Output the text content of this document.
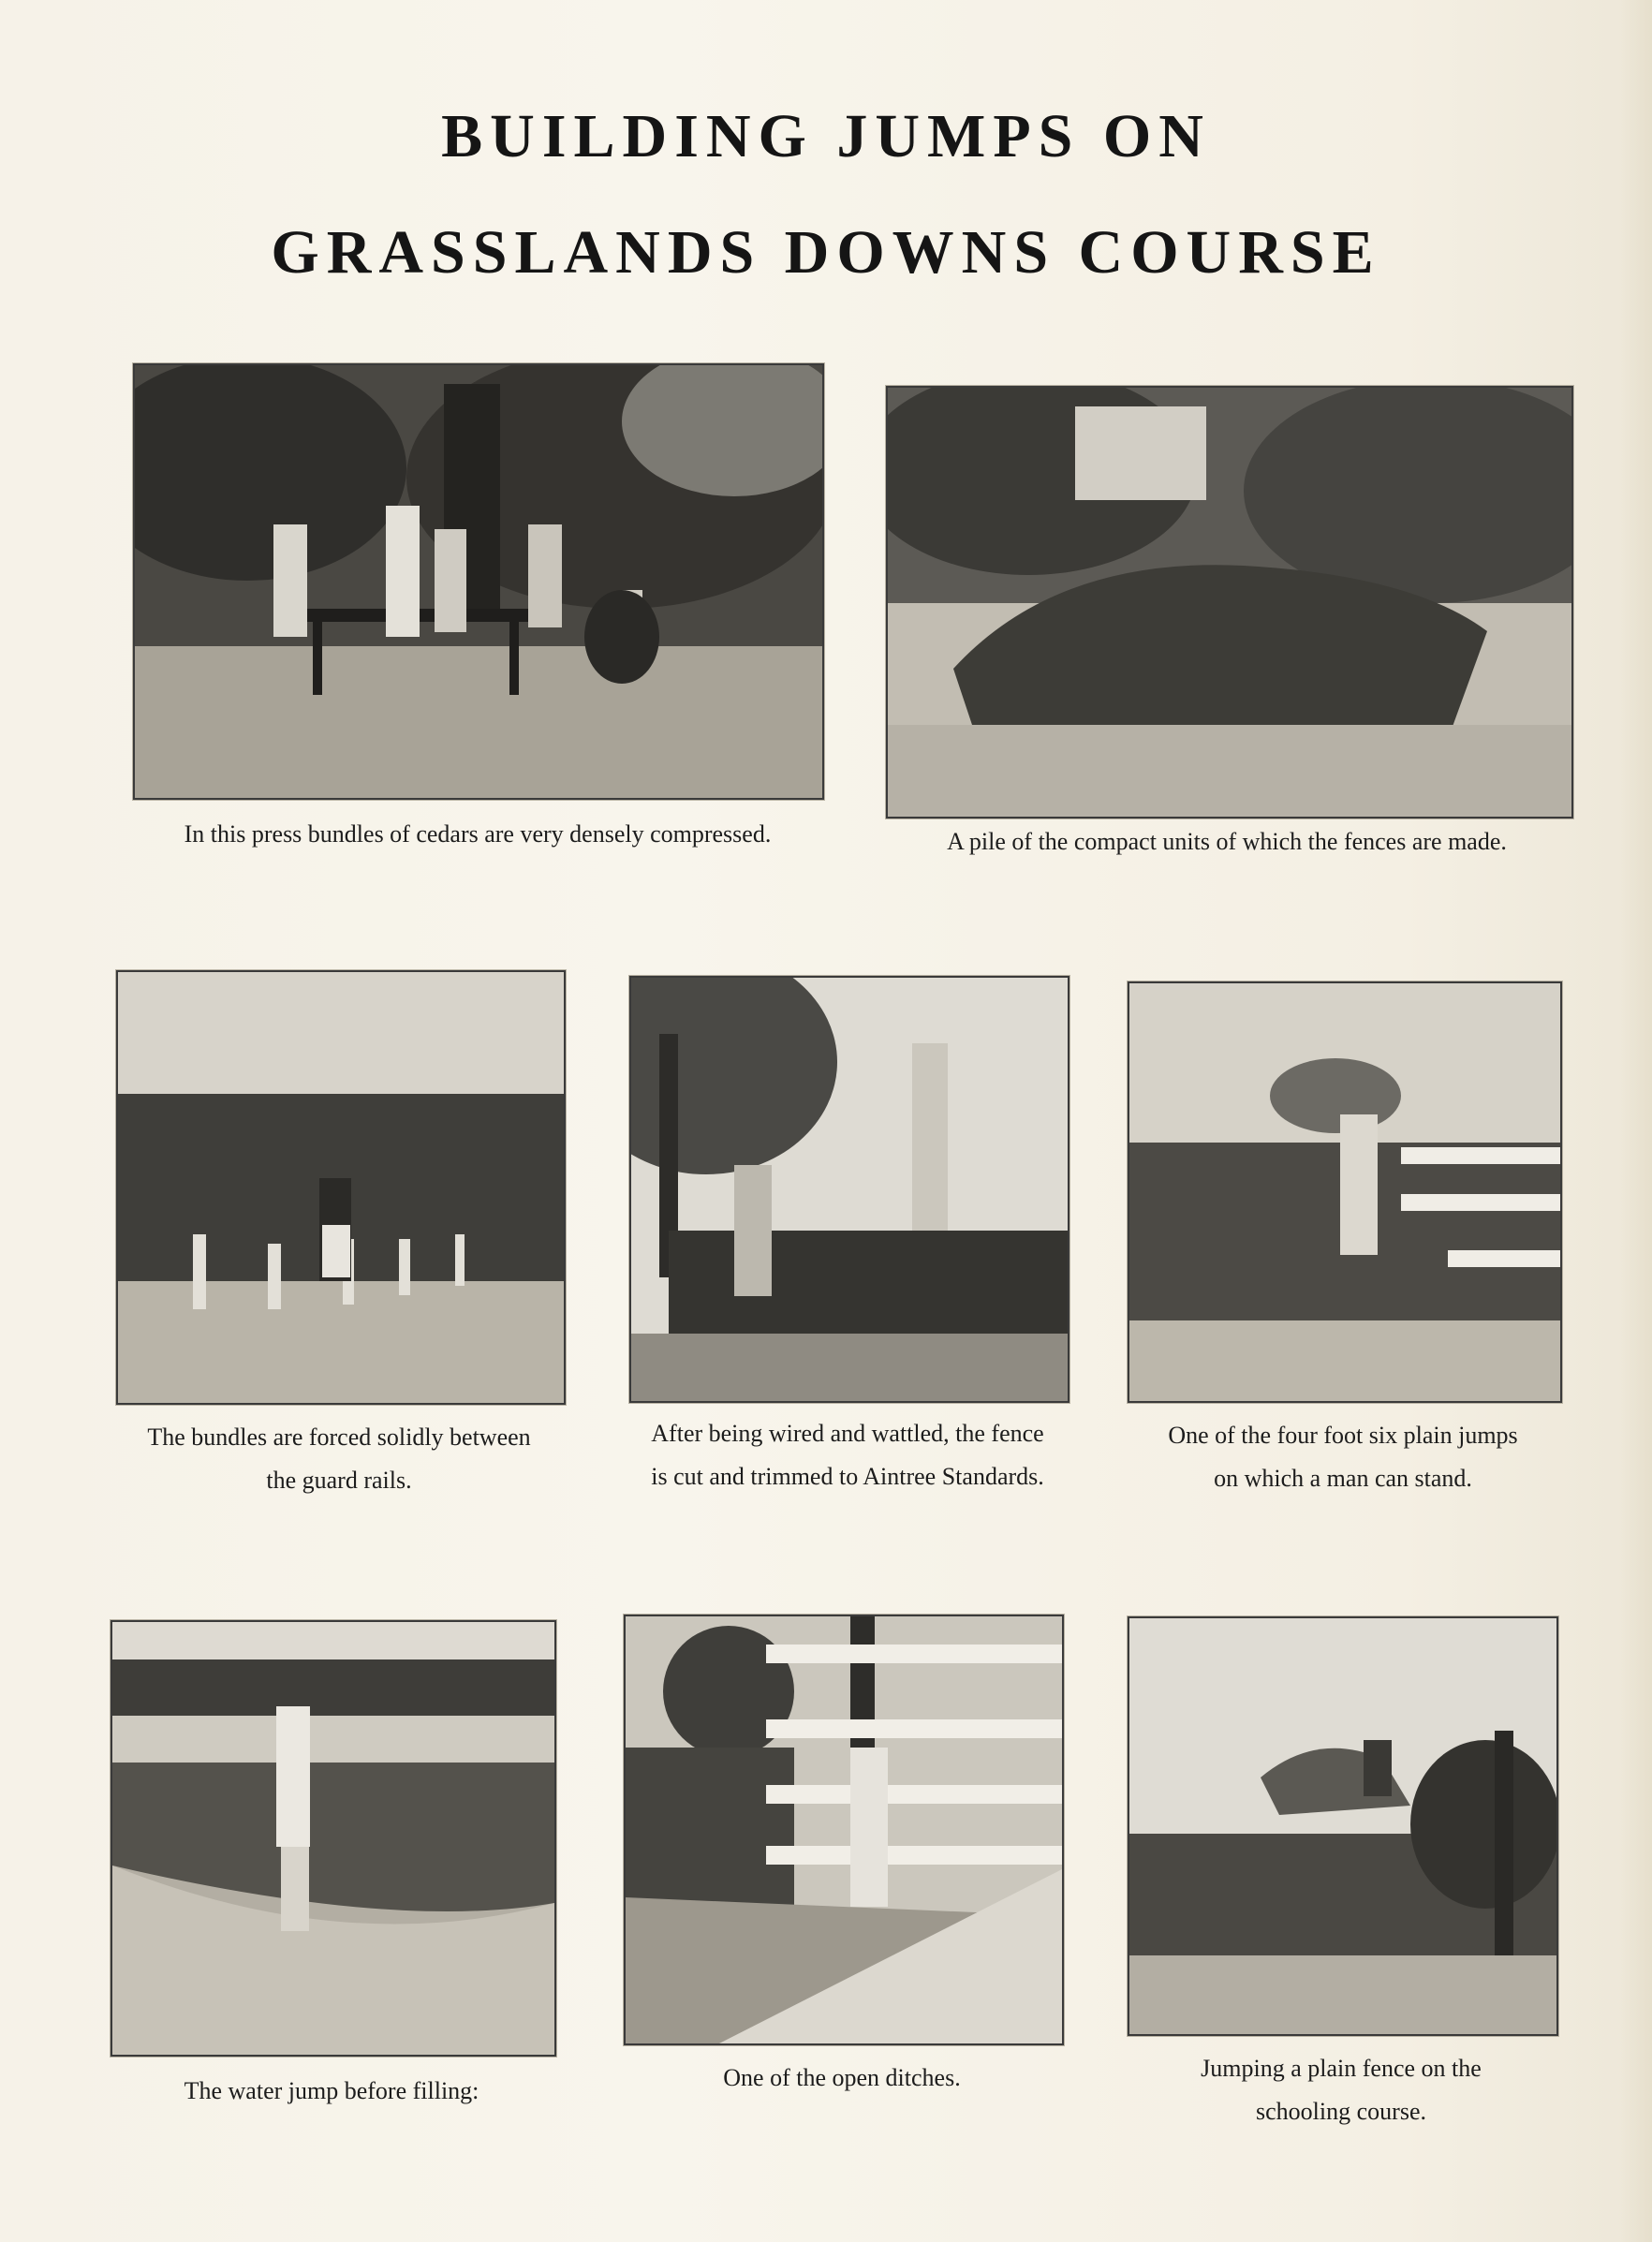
BUILDING JUMPS ON
GRASSLANDS DOWNS COURSE
In this press bundles of cedars are very densely compressed.	A pile of the compact units of which the fences are made.
The bundles are forced solidly between
the guard rails.
After being wired and wattled, the fence
is cut and trimmed to Aintree Standards.
One of the four foot six plain jumps
on which a man can stand.
The water jump before filling:	One of the open ditches.	Jumping a plain fence on the
schooling course.
